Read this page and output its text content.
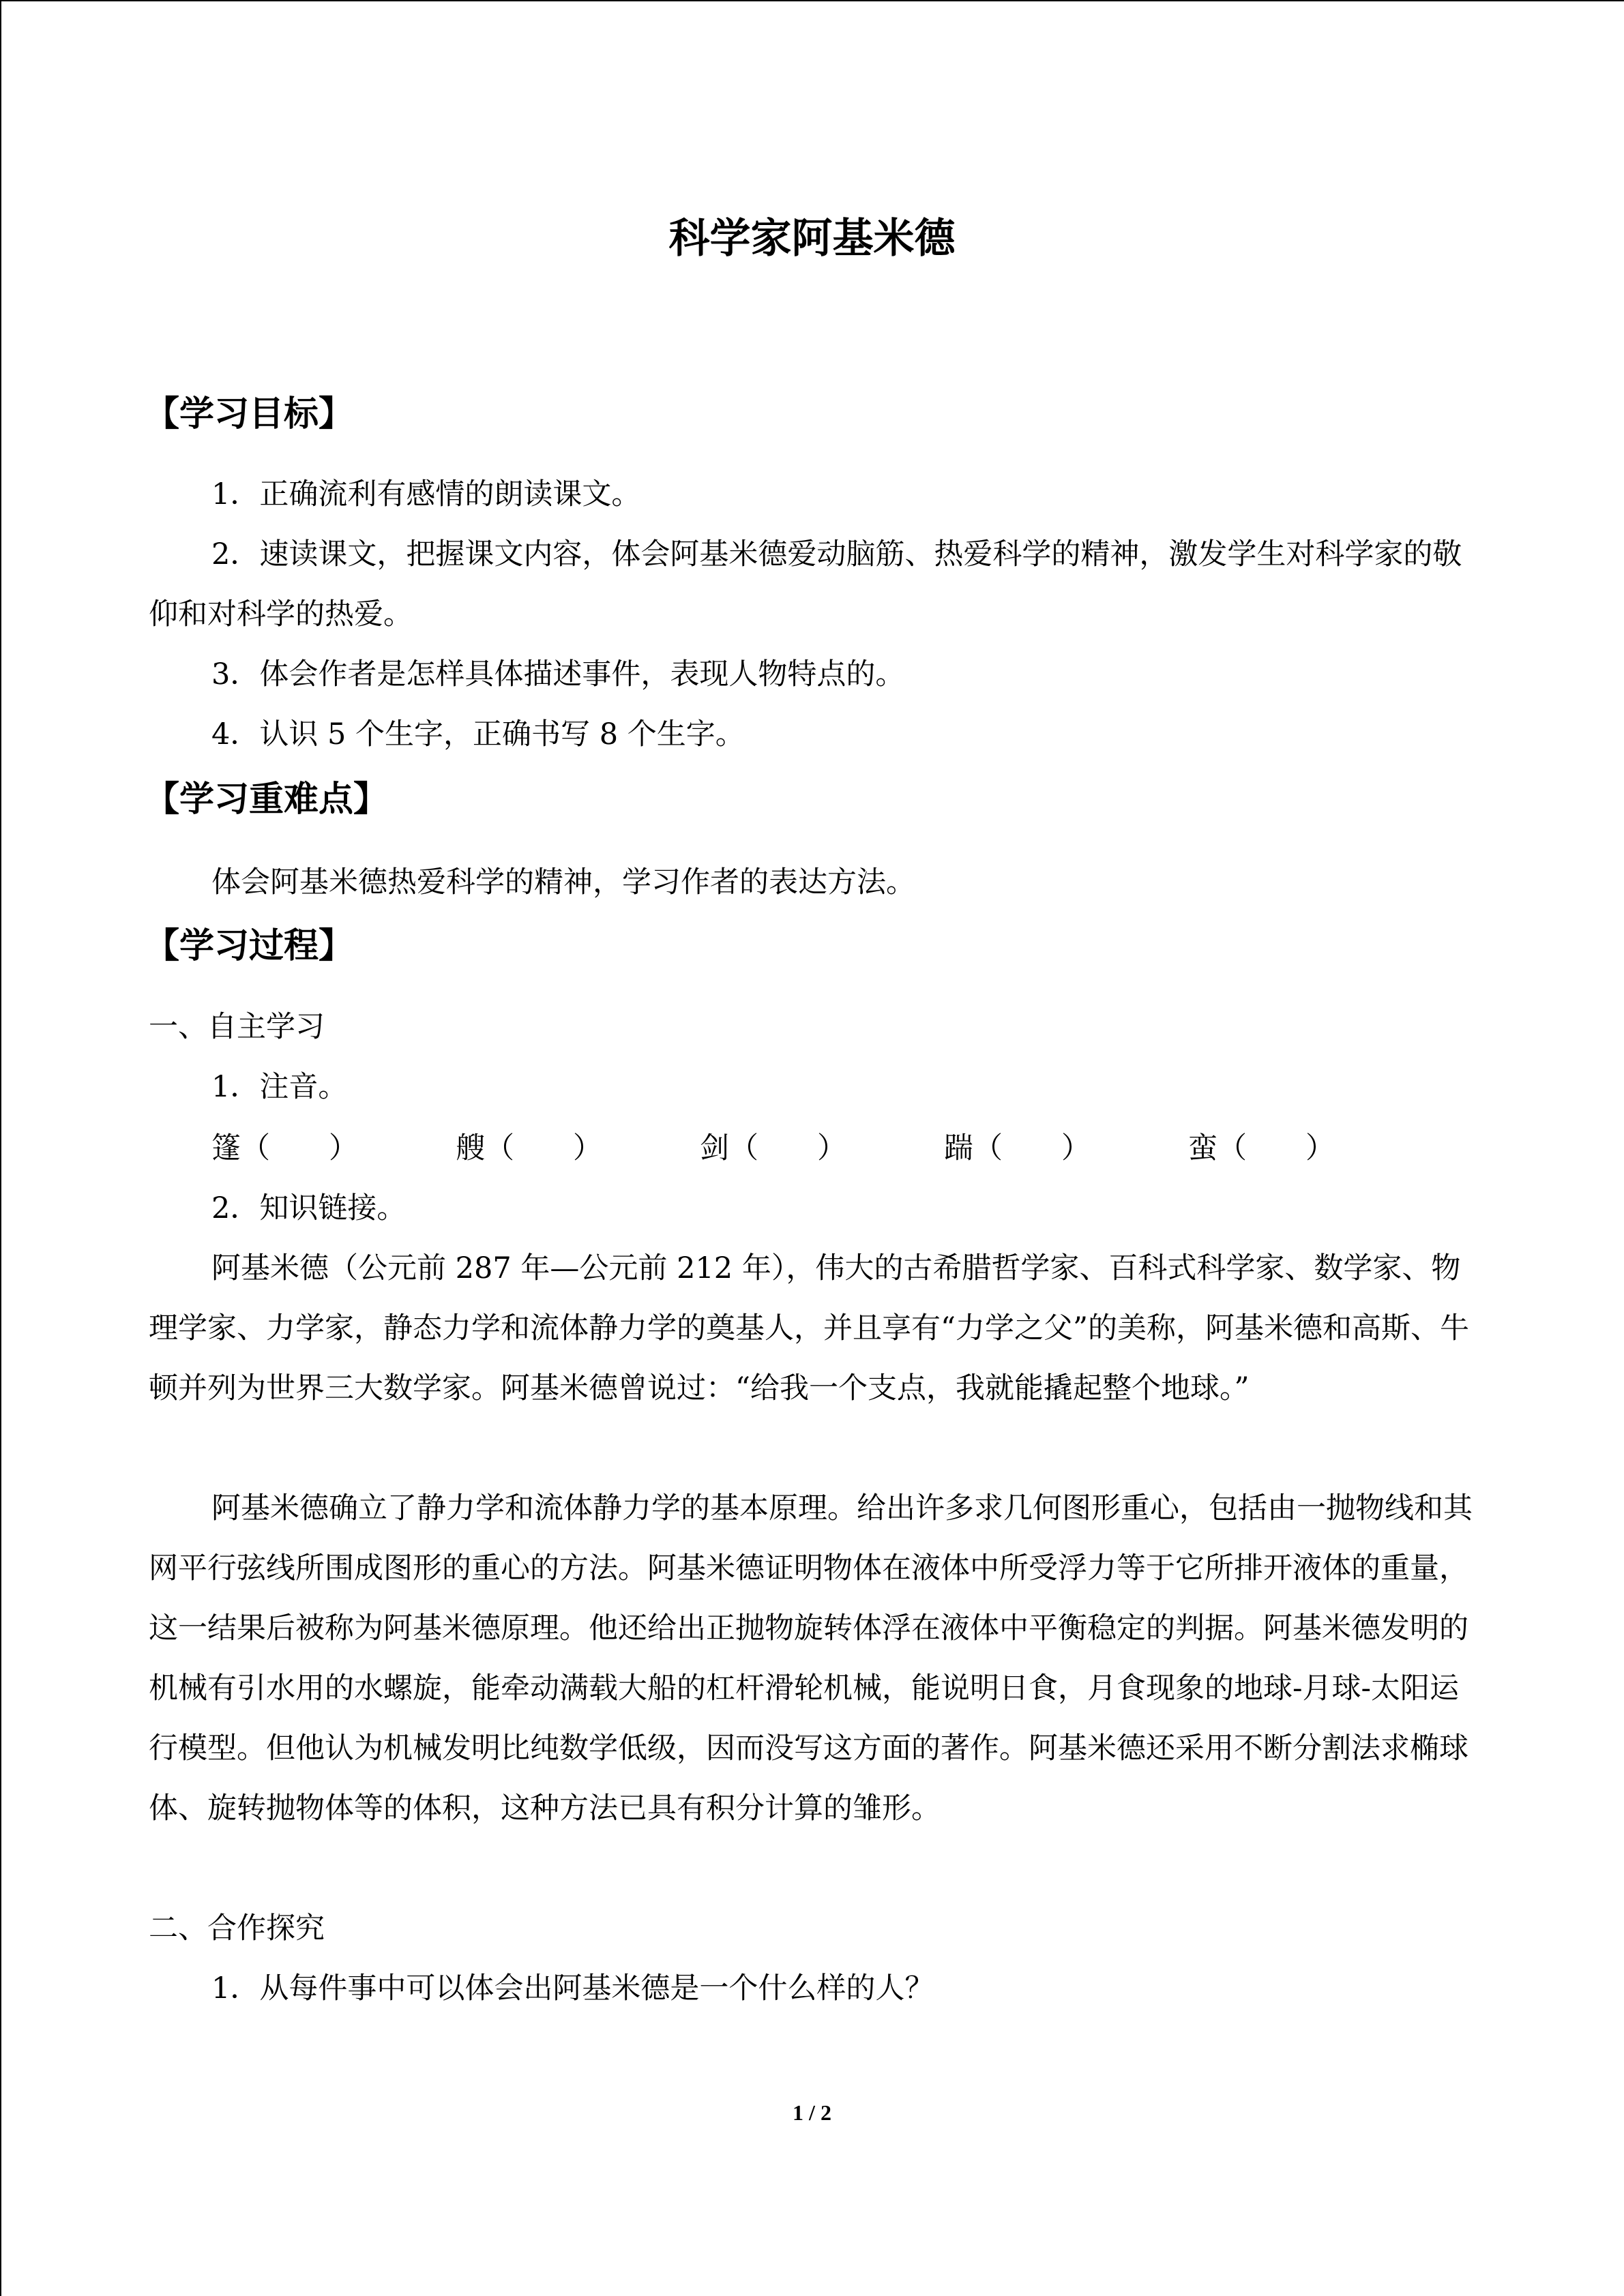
科学家阿基米德
【学习目标】

1．正确流利有感情的朗读课文。

2．速读课文，把握课文内容，体会阿基米德爱动脑筋、热爱科学的精神，激发学生对科学家的敬仰和对科学的热爱。

3．体会作者是怎样具体描述事件，表现人物特点的。

4．认识 5 个生字，正确书写 8 个生字。

【学习重难点】

体会阿基米德热爱科学的精神，学习作者的表达方法。

【学习过程】

一、自主学习

1．注音。

篷（　　）	艘（　　）	剑（　　）	踹（　　）	蛮（　　）

2．知识链接。

阿基米德（公元前 287 年—公元前 212 年），伟大的古希腊哲学家、百科式科学家、数学家、物理学家、力学家，静态力学和流体静力学的奠基人，并且享有“力学之父”的美称，阿基米德和高斯、牛顿并列为世界三大数学家。阿基米德曾说过：“给我一个支点，我就能撬起整个地球。”

阿基米德确立了静力学和流体静力学的基本原理。给出许多求几何图形重心，包括由一抛物线和其网平行弦线所围成图形的重心的方法。阿基米德证明物体在液体中所受浮力等于它所排开液体的重量，这一结果后被称为阿基米德原理。他还给出正抛物旋转体浮在液体中平衡稳定的判据。阿基米德发明的机械有引水用的水螺旋，能牵动满载大船的杠杆滑轮机械，能说明日食，月食现象的地球-月球-太阳运行模型。但他认为机械发明比纯数学低级，因而没写这方面的著作。阿基米德还采用不断分割法求椭球体、旋转抛物体等的体积，这种方法已具有积分计算的雏形。

二、合作探究

1．从每件事中可以体会出阿基米德是一个什么样的人？

1 / 2
